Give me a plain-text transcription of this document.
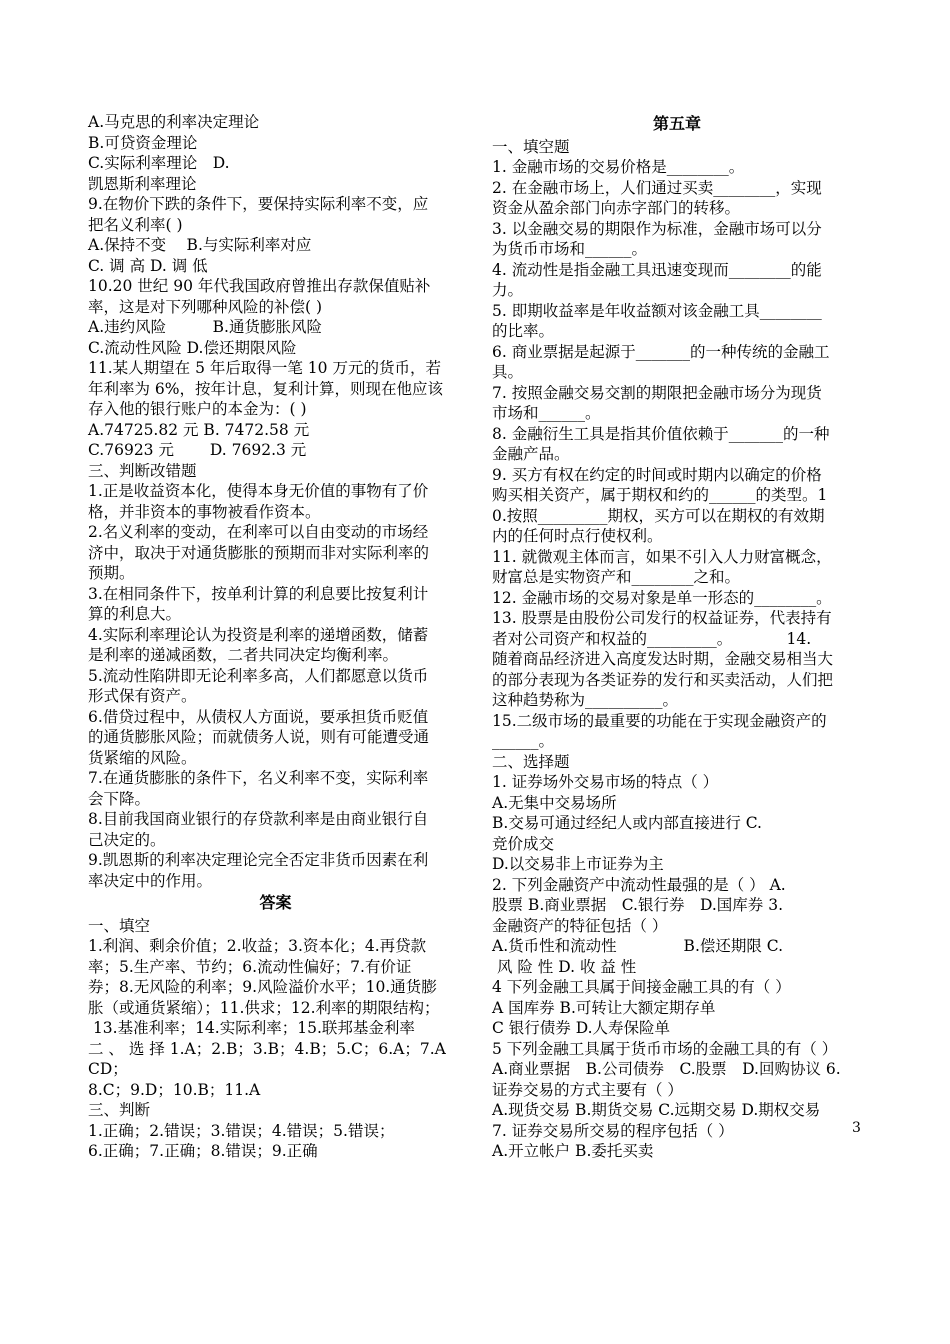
A.马克思的利率决定理论
B.可贷资金理论
C.实际利率理论　D.
凯恩斯利率理论
9.在物价下跌的条件下，要保持实际利率不变，应
把名义利率( )
A.保持不变　 B.与实际利率对应
C. 调 高 D. 调 低
10.20 世纪 90 年代我国政府曾推出存款保值贴补
率，这是对下列哪种风险的补偿( )
A.违约风险　　　B.通货膨胀风险
C.流动性风险 D.偿还期限风险
11.某人期望在 5 年后取得一笔 10 万元的货币，若
年利率为 6%，按年计息，复利计算，则现在他应该
存入他的银行账户的本金为：( )
A.74725.82 元 B. 7472.58 元
C.76923 元　　 D. 7692.3 元
三、判断改错题
1.正是收益资本化，使得本身无价值的事物有了价
格，并非资本的事物被看作资本。
2.名义利率的变动，在利率可以自由变动的市场经
济中，取决于对通货膨胀的预期而非对实际利率的
预期。
3.在相同条件下，按单利计算的利息要比按复利计
算的利息大。
4.实际利率理论认为投资是利率的递增函数，储蓄
是利率的递减函数，二者共同决定均衡利率。
5.流动性陷阱即无论利率多高，人们都愿意以货币
形式保有资产。
6.借贷过程中，从债权人方面说，要承担货币贬值
的通货膨胀风险；而就债务人说，则有可能遭受通
货紧缩的风险。
7.在通货膨胀的条件下，名义利率不变，实际利率
会下降。
8.目前我国商业银行的存贷款利率是由商业银行自
己决定的。
9.凯恩斯的利率决定理论完全否定非货币因素在利
率决定中的作用。
答案
一、填空
1.利润、剩余价值；2.收益；3.资本化；4.再贷款
率；5.生产率、节约；6.流动性偏好；7.有价证
券；8.无风险的利率；9.风险溢价水平；10.通货膨
胀（或通货紧缩）；11.供求；12.利率的期限结构；
13.基准利率；14.实际利率；15.联邦基金利率
二 、 选 择 1.A；2.B；3.B；4.B；5.C；6.A；7.A
CD；
8.C；9.D；10.B；11.A
三、判断
1.正确；2.错误；3.错误；4.错误；5.错误；
6.正确；7.正确；8.错误；9.正确
第五章
一、填空题
1. 金融市场的交易价格是________。
2. 在金融市场上，人们通过买卖________，实现
资金从盈余部门向赤字部门的转移。
3. 以金融交易的期限作为标准，金融市场可以分
为货币市场和______。
4. 流动性是指金融工具迅速变现而________的能
力。
5. 即期收益率是年收益额对该金融工具________
的比率。
6. 商业票据是起源于_______的一种传统的金融工
具。
7. 按照金融交易交割的期限把金融市场分为现货
市场和______。
8. 金融衍生工具是指其价值依赖于_______的一种
金融产品。
9. 买方有权在约定的时间或时期内以确定的价格
购买相关资产，属于期权和约的______的类型。1
0.按照_________期权，买方可以在期权的有效期
内的任何时点行使权利。
11. 就微观主体而言，如果不引入人力财富概念，
财富总是实物资产和________之和。
12. 金融市场的交易对象是单一形态的________。
13. 股票是由股份公司发行的权益证券，代表持有
者对公司资产和权益的_________。　　　　14.
随着商品经济进入高度发达时期，金融交易相当大
的部分表现为各类证券的发行和买卖活动，人们把
这种趋势称为__________。
15.二级市场的最重要的功能在于实现金融资产的
______。
二、选择题
1. 证券场外交易市场的特点（ ）
A.无集中交易场所
B.交易可通过经纪人或内部直接进行 C.
竞价成交
D.以交易非上市证券为主
2. 下列金融资产中流动性最强的是（ ） A.
股票 B.商业票据　C.银行券　D.国库券 3.
金融资产的特征包括（ ）
A.货币性和流动性　　　　 B.偿还期限 C.
风 险 性 D. 收 益 性
4 下列金融工具属于间接金融工具的有（ ）
A 国库券 B.可转让大额定期存单
C 银行债券 D.人寿保险单
5 下列金融工具属于货币市场的金融工具的有（ ）
A.商业票据　B.公司债券　C.股票　D.回购协议 6.
证券交易的方式主要有（ ）
A.现货交易 B.期货交易 C.远期交易 D.期权交易
7. 证券交易所交易的程序包括（ ）
A.开立帐户 B.委托买卖
3
